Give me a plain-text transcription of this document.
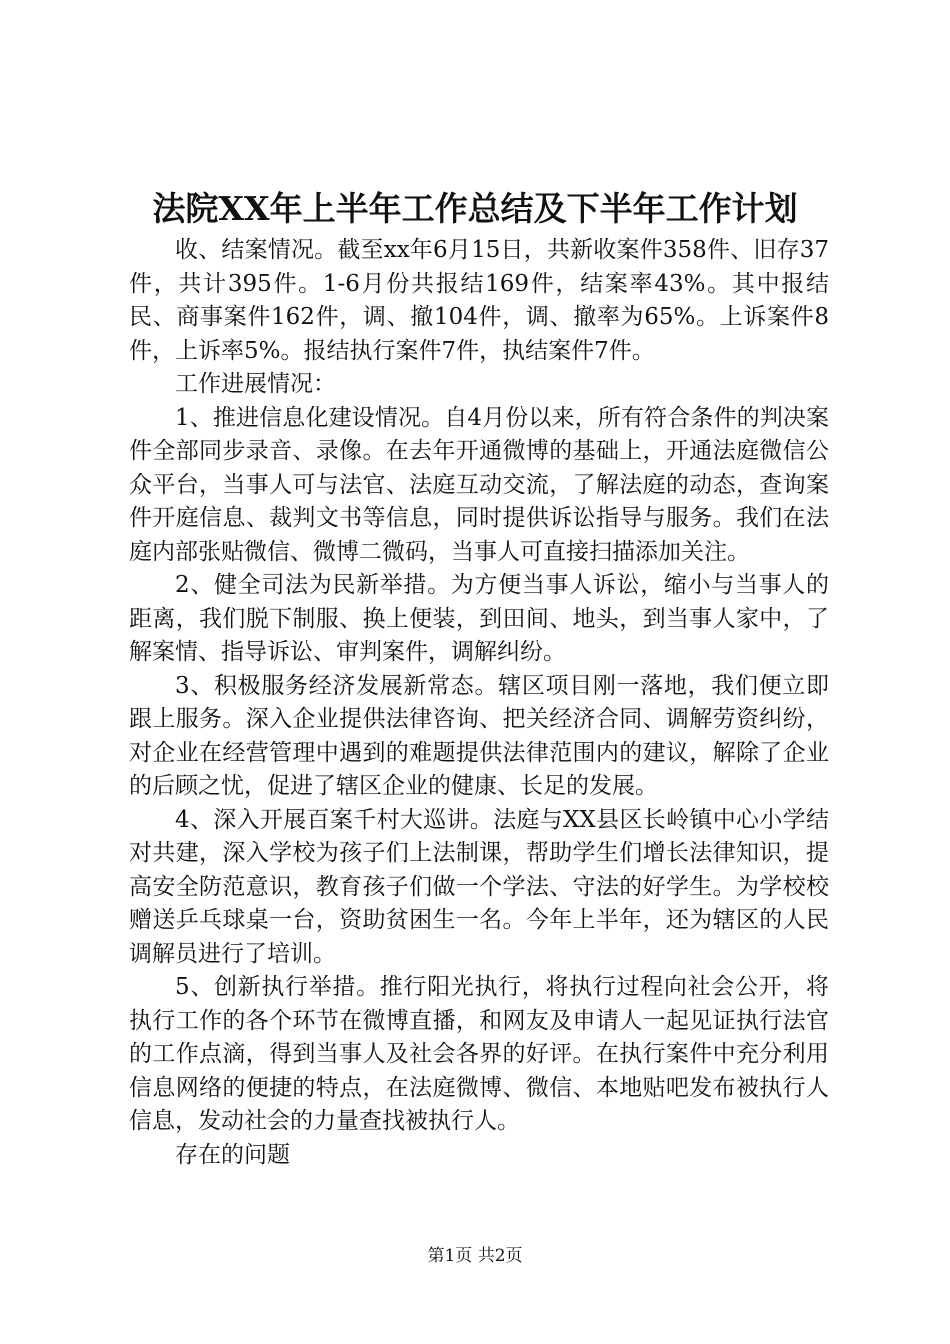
法院XX年上半年工作总结及下半年工作计划

收、结案情况。截至xx年6月15日，共新收案件358件、旧存37件，共计395件。1-6月份共报结169件，结案率43%。其中报结民、商事案件162件，调、撤104件，调、撤率为65%。上诉案件8件，上诉率5%。报结执行案件7件，执结案件7件。

工作进展情况：

1、推进信息化建设情况。自4月份以来，所有符合条件的判决案件全部同步录音、录像。在去年开通微博的基础上，开通法庭微信公众平台，当事人可与法官、法庭互动交流，了解法庭的动态，查询案件开庭信息、裁判文书等信息，同时提供诉讼指导与服务。我们在法庭内部张贴微信、微博二微码，当事人可直接扫描添加关注。

2、健全司法为民新举措。为方便当事人诉讼，缩小与当事人的距离，我们脱下制服、换上便装，到田间、地头，到当事人家中，了解案情、指导诉讼、审判案件，调解纠纷。

3、积极服务经济发展新常态。辖区项目刚一落地，我们便立即跟上服务。深入企业提供法律咨询、把关经济合同、调解劳资纠纷，对企业在经营管理中遇到的难题提供法律范围内的建议，解除了企业的后顾之忧，促进了辖区企业的健康、长足的发展。

4、深入开展百案千村大巡讲。法庭与XX县区长岭镇中心小学结对共建，深入学校为孩子们上法制课，帮助学生们增长法律知识，提高安全防范意识，教育孩子们做一个学法、守法的好学生。为学校校赠送乒乓球桌一台，资助贫困生一名。今年上半年，还为辖区的人民调解员进行了培训。

5、创新执行举措。推行阳光执行，将执行过程向社会公开，将执行工作的各个环节在微博直播，和网友及申请人一起见证执行法官的工作点滴，得到当事人及社会各界的好评。在执行案件中充分利用信息网络的便捷的特点，在法庭微博、微信、本地贴吧发布被执行人信息，发动社会的力量查找被执行人。

存在的问题

第1页 共2页
